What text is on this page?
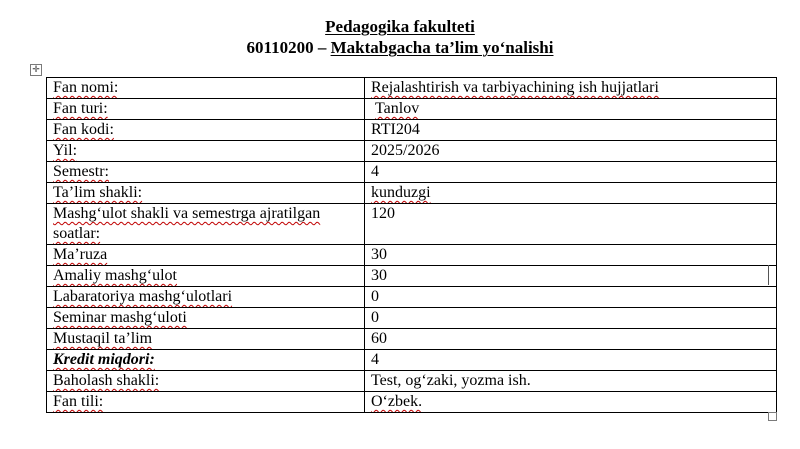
Pedagogika fakulteti
60110200 – Maktabgacha ta’lim yo‘nalishi
✛
Fan nomi:	Rejalashtirish va tarbiyachining ish hujjatlari
Fan turi:	Tanlov
Fan kodi:	RTI204
Yil:	2025/2026
Semestr:	4
Ta’lim shakli:	kunduzgi
Mashg‘ulot shakli va semestrga ajratilgan soatlar:	120
Ma’ruza	30
Amaliy mashg‘ulot	30
Labaratoriya mashg‘ulotlari	0
Seminar mashg‘uloti	0
Mustaqil ta’lim	60
Kredit miqdori:	4
Baholash shakli:	Test, og‘zaki, yozma ish.
Fan tili:	O‘zbek.
